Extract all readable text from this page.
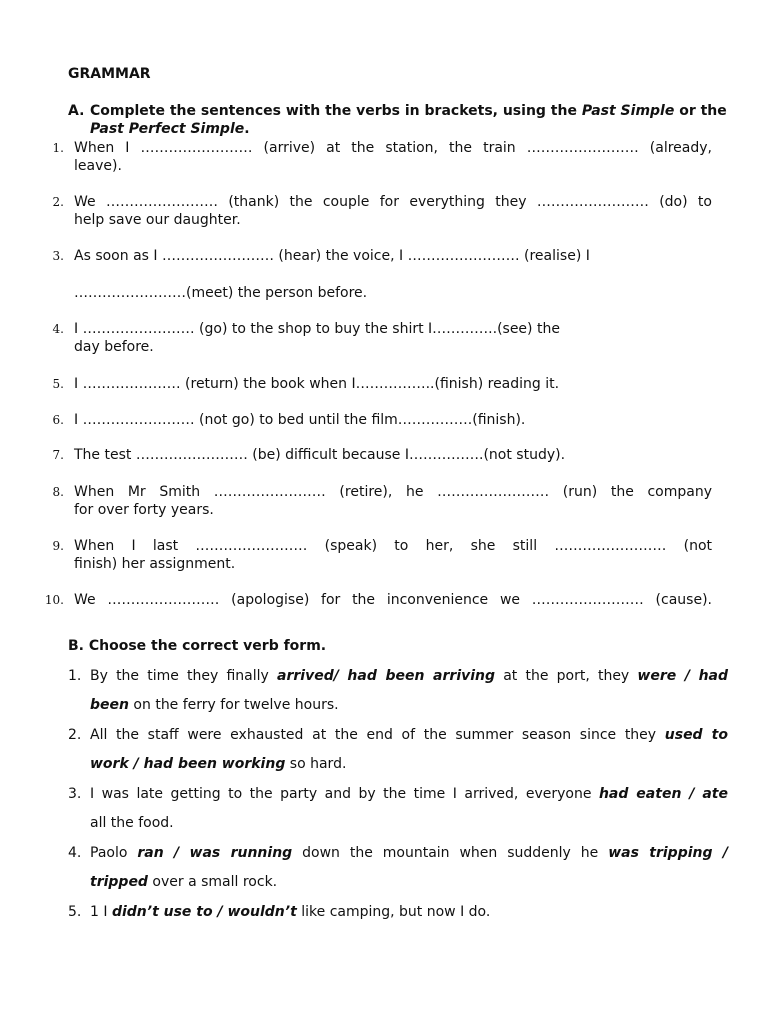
GRAMMAR
A. Complete the sentences with the verbs in brackets, using the Past Simple or the Past Perfect Simple.
1. When I …………………… (arrive) at the station, the train …………………… (already,
leave).
2. We …………………… (thank) the couple for everything they …………………… (do) to
help save our daughter.
3. As soon as I …………………… (hear) the voice, I …………………… (realise) I
……………………(meet) the person before.
4. I …………………… (go) to the shop to buy the shirt I…………..(see) the
day before.
5. I ………………… (return) the book when I……………..(finish) reading it.
6. I …………………… (not go) to bed until the film…………….(finish).
7. The test …………………… (be) difficult because I…………….(not study).
8. When Mr Smith …………………… (retire), he …………………… (run) the company
for over forty years.
9. When I last …………………… (speak) to her, she still …………………… (not
finish) her assignment.
10. We …………………… (apologise) for the inconvenience we …………………… (cause).
B. Choose the correct verb form.
1. By the time they finally arrived/ had been arriving at the port, they were / had
been on the ferry for twelve hours.
2. All the staff were exhausted at the end of the summer season since they used to
work / had been working so hard.
3. I was late getting to the party and by the time I arrived, everyone had eaten / ate
all the food.
4. Paolo ran / was running down the mountain when suddenly he was tripping /
tripped over a small rock.
5. 1 I didn’t use to / wouldn’t like camping, but now I do.
